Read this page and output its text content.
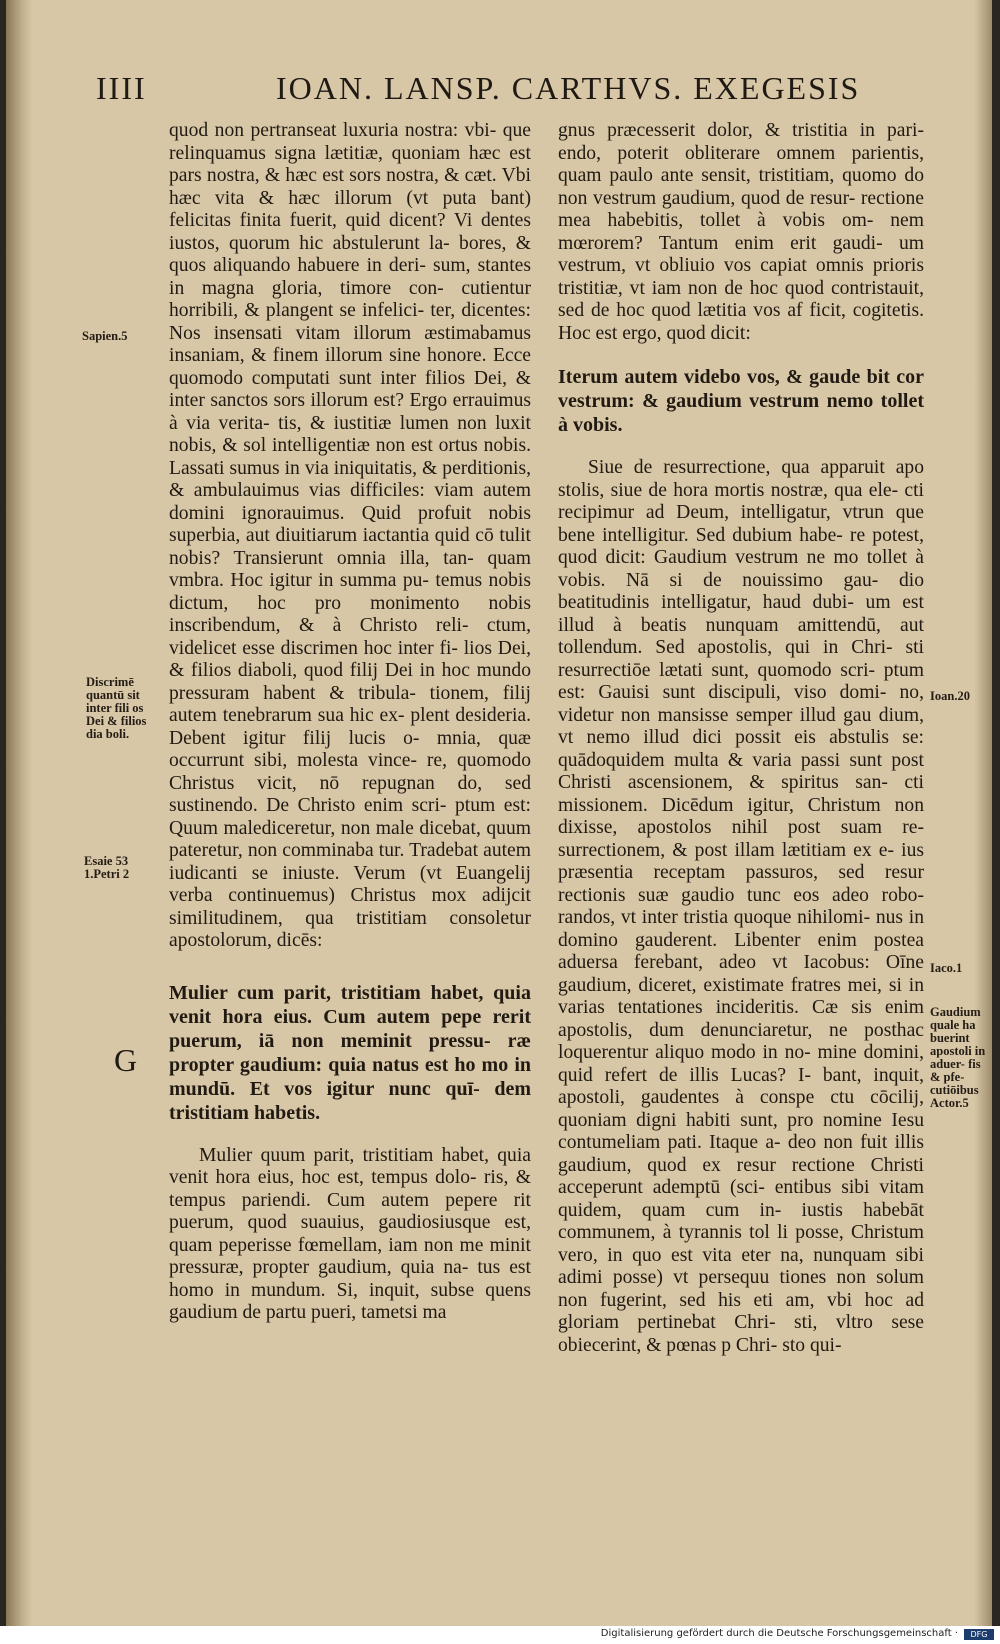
IIII	IOAN. LANSP. CARTHVS. EXEGESIS
Sapien.5
Discrimē quantū sit inter fili os Dei & filios dia boli.
Esaie 53 1.Petri 2
Ioan.20
Iaco.1
Gaudium quale ha buerint apostoli in aduer- fis & pfe- cutiōibus Actor.5
G

quod non pertranseat luxuria nostra: vbi- que relinquamus signa lætitiæ, quoniam hæc est pars nostra, & hæc est sors nostra, & cæt. Vbi hæc vita & hæc illorum (vt puta bant) felicitas finita fuerit, quid dicent? Vi dentes iustos, quorum hic abstulerunt la- bores, & quos aliquando habuere in deri- sum, stantes in magna gloria, timore con- cutientur horribili, & plangent se infelici- ter, dicentes: Nos insensati vitam illorum æstimabamus insaniam, & finem illorum sine honore. Ecce quomodo computati sunt inter filios Dei, & inter sanctos sors illorum est? Ergo errauimus à via verita- tis, & iustitiæ lumen non luxit nobis, & sol intelligentiæ non est ortus nobis. Lassati sumus in via iniquitatis, & perditionis, & ambulauimus vias difficiles: viam autem domini ignorauimus. Quid profuit nobis superbia, aut diuitiarum iactantia quid cō tulit nobis? Transierunt omnia illa, tan- quam vmbra. Hoc igitur in summa pu- temus nobis dictum, hoc pro monimento nobis inscribendum, & à Christo reli- ctum, videlicet esse discrimen hoc inter fi- lios Dei, & filios diaboli, quod filij Dei in hoc mundo pressuram habent & tribula- tionem, filij autem tenebrarum sua hic ex- plent desideria. Debent igitur filij lucis o- mnia, quæ occurrunt sibi, molesta vince- re, quomodo Christus vicit, nō repugnan do, sed sustinendo. De Christo enim scri- ptum est: Quum malediceretur, non male dicebat, quum pateretur, non comminaba tur. Tradebat autem iudicanti se iniuste. Verum (vt Euangelij verba continuemus) Christus mox adijcit similitudinem, qua tristitiam consoletur apostolorum, dicēs:

Mulier cum parit, tristitiam habet, quia venit hora eius. Cum autem pepe rerit puerum, iā non meminit pressu- ræ propter gaudium: quia natus est ho mo in mundū. Et vos igitur nunc quī- dem tristitiam habetis.

Mulier quum parit, tristitiam habet, quia venit hora eius, hoc est, tempus dolo- ris, & tempus pariendi. Cum autem pepere rit puerum, quod suauius, gaudiosiusque est, quam peperisse fœmellam, iam non me minit pressuræ, propter gaudium, quia na- tus est homo in mundum. Si, inquit, subse quens gaudium de partu pueri, tametsi ma

gnus præcesserit dolor, & tristitia in pari- endo, poterit obliterare omnem parientis, quam paulo ante sensit, tristitiam, quomo do non vestrum gaudium, quod de resur- rectione mea habebitis, tollet à vobis om- nem mœrorem? Tantum enim erit gaudi- um vestrum, vt obliuio vos capiat omnis prioris tristitiæ, vt iam non de hoc quod contristauit, sed de hoc quod lætitia vos af ficit, cogitetis. Hoc est ergo, quod dicit:

Iterum autem videbo vos, & gaude bit cor vestrum: & gaudium vestrum nemo tollet à vobis.

Siue de resurrectione, qua apparuit apo stolis, siue de hora mortis nostræ, qua ele- cti recipimur ad Deum, intelligatur, vtrun que bene intelligitur. Sed dubium habe- re potest, quod dicit: Gaudium vestrum ne mo tollet à vobis. Nā si de nouissimo gau- dio beatitudinis intelligatur, haud dubi- um est illud à beatis nunquam amittendū, aut tollendum. Sed apostolis, qui in Chri- sti resurrectiōe lætati sunt, quomodo scri- ptum est: Gauisi sunt discipuli, viso domi- no, videtur non mansisse semper illud gau dium, vt nemo illud dici possit eis abstulis se: quādoquidem multa & varia passi sunt post Christi ascensionem, & spiritus san- cti missionem. Dicēdum igitur, Christum non dixisse, apostolos nihil post suam re- surrectionem, & post illam lætitiam ex e- ius præsentia receptam passuros, sed resur rectionis suæ gaudio tunc eos adeo robo- randos, vt inter tristia quoque nihilomi- nus in domino gauderent. Libenter enim postea aduersa ferebant, adeo vt Iacobus: Oīne gaudium, diceret, existimate fratres mei, si in varias tentationes incideritis. Cæ sis enim apostolis, dum denunciaretur, ne posthac loquerentur aliquo modo in no- mine domini, quid refert de illis Lucas? I- bant, inquit, apostoli, gaudentes à conspe ctu cōcilij, quoniam digni habiti sunt, pro nomine Iesu contumeliam pati. Itaque a- deo non fuit illis gaudium, quod ex resur rectione Christi acceperunt ademptū (sci- entibus sibi vitam quidem, quam cum in- iustis habebāt communem, à tyrannis tol li posse, Christum vero, in quo est vita eter na, nunquam sibi adimi posse) vt persequu tiones non solum non fugerint, sed his eti am, vbi hoc ad gloriam pertinebat Chri- sti, vltro sese obiecerint, & pœnas p Chri- sto qui-

Digitalisierung gefördert durch die Deutsche Forschungsgemeinschaft ·	DFG
